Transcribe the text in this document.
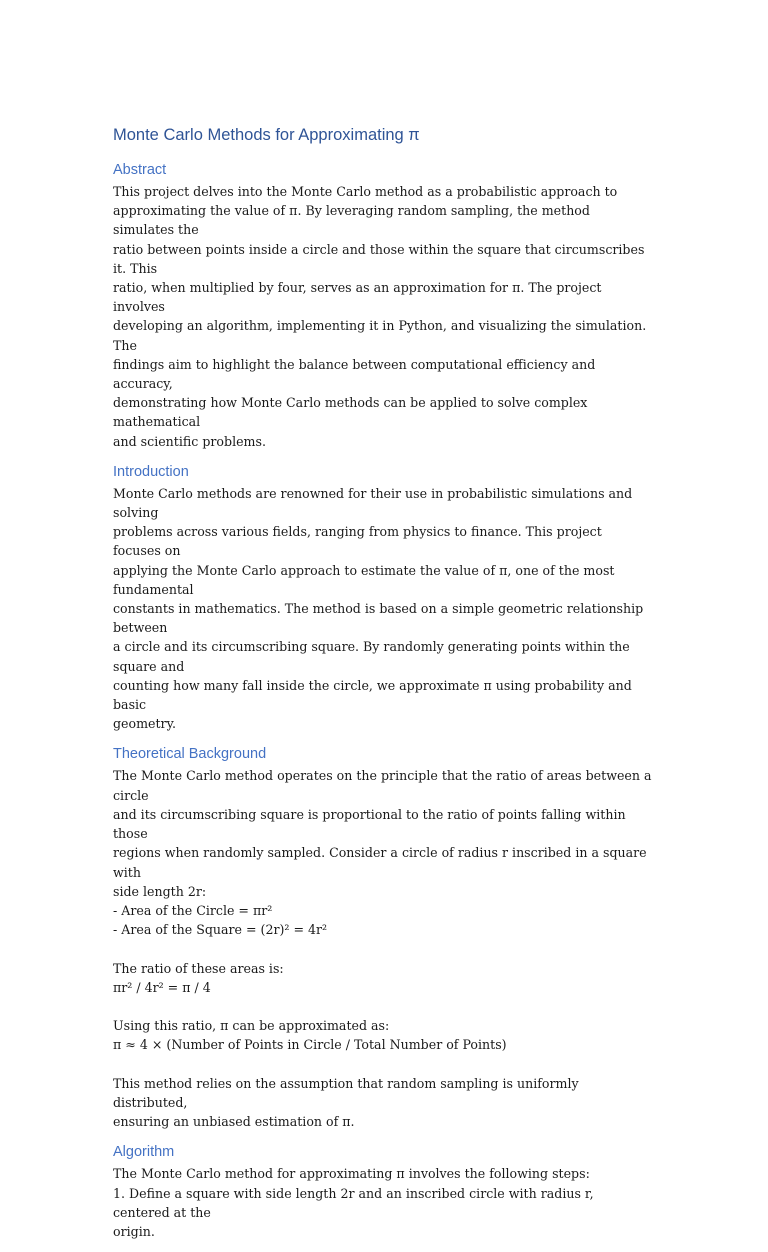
Monte Carlo Methods for Approximating π
Abstract

This project delves into the Monte Carlo method as a probabilistic approach to
approximating the value of π. By leveraging random sampling, the method simulates the
ratio between points inside a circle and those within the square that circumscribes it. This
ratio, when multiplied by four, serves as an approximation for π. The project involves
developing an algorithm, implementing it in Python, and visualizing the simulation. The
findings aim to highlight the balance between computational efficiency and accuracy,
demonstrating how Monte Carlo methods can be applied to solve complex mathematical
and scientific problems.

Introduction

Monte Carlo methods are renowned for their use in probabilistic simulations and solving
problems across various fields, ranging from physics to finance. This project focuses on
applying the Monte Carlo approach to estimate the value of π, one of the most fundamental
constants in mathematics. The method is based on a simple geometric relationship between
a circle and its circumscribing square. By randomly generating points within the square and
counting how many fall inside the circle, we approximate π using probability and basic
geometry.

Theoretical Background

The Monte Carlo method operates on the principle that the ratio of areas between a circle
and its circumscribing square is proportional to the ratio of points falling within those
regions when randomly sampled. Consider a circle of radius r inscribed in a square with
side length 2r:
- Area of the Circle = πr²
- Area of the Square = (2r)² = 4r²

The ratio of these areas is:
πr² / 4r² = π / 4

Using this ratio, π can be approximated as:
π ≈ 4 × (Number of Points in Circle / Total Number of Points)

This method relies on the assumption that random sampling is uniformly distributed,
ensuring an unbiased estimation of π.

Algorithm

The Monte Carlo method for approximating π involves the following steps:
1. Define a square with side length 2r and an inscribed circle with radius r, centered at the
origin.
